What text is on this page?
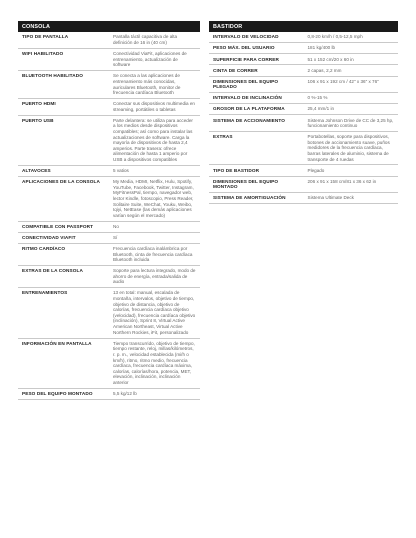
CONSOLA	
TIPO DE PANTALLA	Pantalla táctil capacitiva de alta definición de 16 in (40 cm)
WIFI HABILITADO	Conectividad ViaFit, aplicaciones de entrenamiento, actualización de software
BLUETOOTH HABILITADO	Se conecta a las aplicaciones de entrenamiento más conocidas, auriculares Bluetooth, monitor de frecuencia cardíaca Bluetooth
PUERTO HDMI	Conectar sus dispositivos multimedia en streaming, portátiles o tabletas
PUERTO USB	Parte delantera: se utiliza para acceder a los medios desde dispositivos compatibles; así como para instalar las actualizaciones de software. Carga la mayoría de dispositivos de hasta 2,4 amperios. Parte trasera: ofrece alimentación de hasta 1 amperio por USB a dispositivos compatibles
ALTAVOCES	5 vatios
APLICACIONES DE LA CONSOLA	My Media, HDMI, Netflix, Hulu, Spotify, YouTube, Facebook, Twitter, Instagram, MyFitnessPal, tiempo, navegador web, lector Kindle, fotoscopio, Press Reader, Solitaire Suite, WeChat, Youku, Weibo, Iqiyi, NetEase (las demás aplicaciones varían según el mercado)
COMPATIBLE CON PASSPORT	No
CONECTIVIDAD VIAFIT	Sí
RITMO CARDÍACO	Frecuencia cardíaca inalámbrica por Bluetooth, cinta de frecuencia cardíaca Bluetooth incluida
EXTRAS DE LA CONSOLA	Soporte para lectura integrado, modo de ahorro de energía, entrada/salida de audio
ENTRENAMIENTOS	13 en total: manual, escalada de montaña, intervalos, objetivo de tiempo, objetivo de distancia, objetivo de calorías, frecuencia cardíaca objetivo (velocidad), frecuencia cardíaca objetivo (inclinación), Sprint 8, Virtual Active American Northeast, Virtual Active Northern Rockies, iFit, personalizado
INFORMACIÓN EN PANTALLA	Tiempo transcurrido, objetivo de tiempo, tiempo restante, reloj, millas/kilómetros, r. p. m., velocidad establecida (mi/h o km/h), ritmo, ritmo medio, frecuencia cardíaca, frecuencia cardíaca máxima, calorías, calorías/hora, potencia, MET, elevación, inclinación, inclinación anterior
PESO DEL EQUIPO MONTADO	5,5 kg/12 lb
BASTIDOR	
INTERVALO DE VELOCIDAD	0,8-20 km/h / 0,5-12,5 mph
PESO MÁX. DEL USUARIO	181 kg/400 lb
SUPERFICIE PARA CORRER	51 x 152 cm/20 x 60 in
CINTA DE CORRER	2 capas, 2,2 mm
DIMENSIONES DEL EQUIPO PLEGADO	106 x 91 x 192 cm / 42" x 36" x 76"
INTERVALO DE INCLINACIÓN	0 %-15 %
GROSOR DE LA PLATAFORMA	25,4 mm/1 in
SISTEMA DE ACCIONAMIENTO	Sistema Johnson Drive de CC de 3,25 hp, funcionamiento continuo
EXTRAS	Portabotellas, soporte para dispositivos, botones de accionamiento suave, puños medidores de la frecuencia cardíaca, barras laterales de aluminio, sistema de transporte de 4 ruedas
TIPO DE BASTIDOR	Plegado
DIMENSIONES DEL EQUIPO MONTADO	206 x 91 x 158 cm/81 x 36 x 62 in
SISTEMA DE AMORTIGUACIÓN	Sistema Ultimate Deck
